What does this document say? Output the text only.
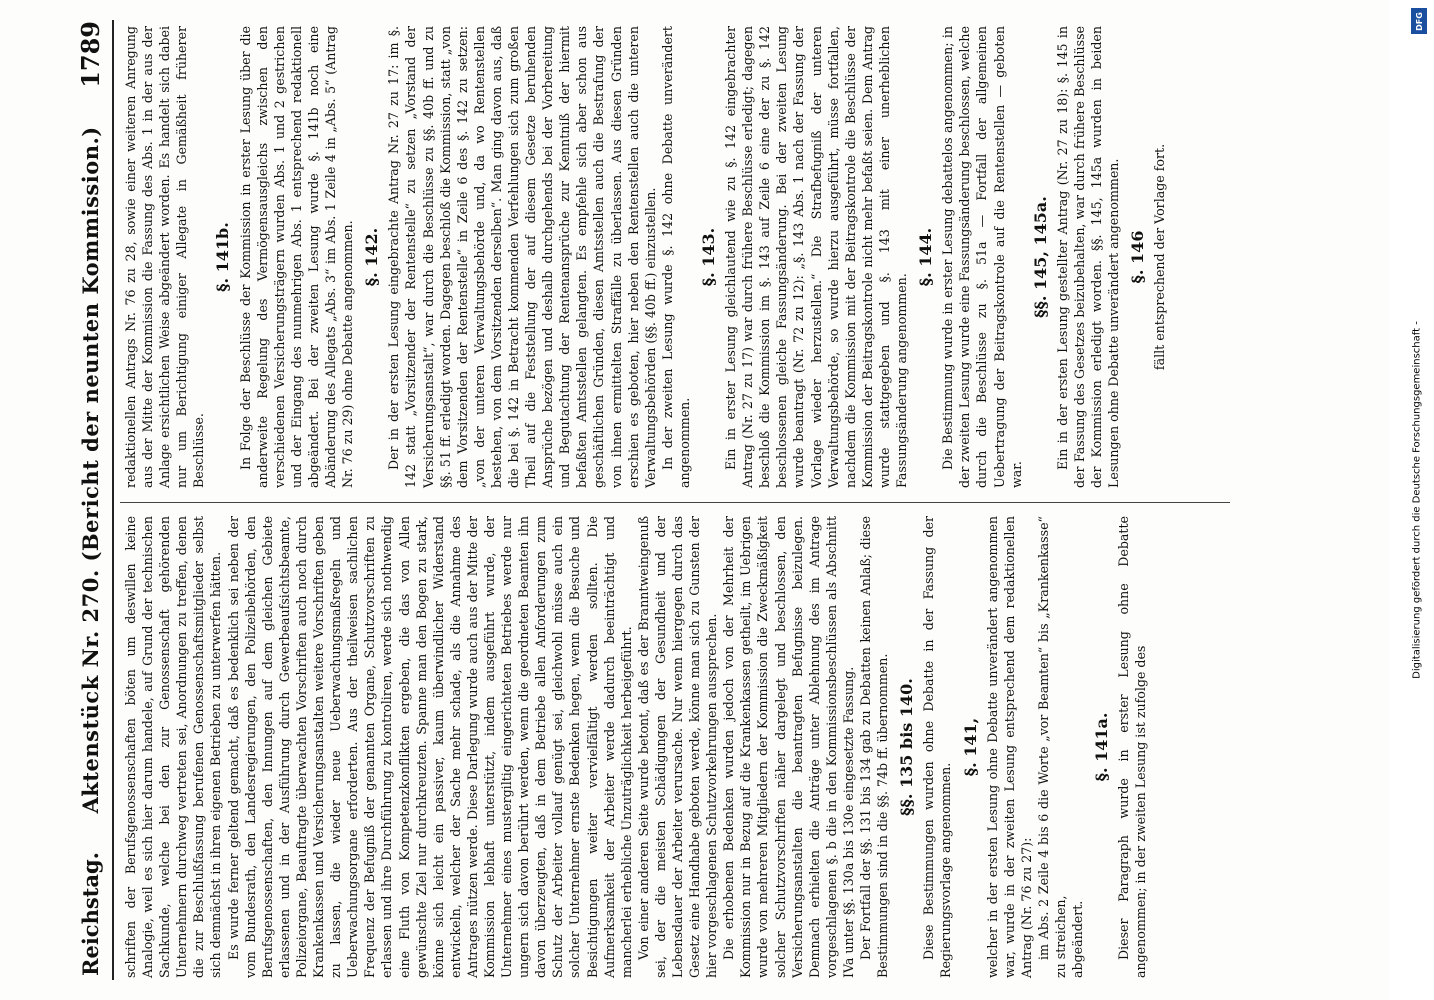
Reichstag.
Aktenstück Nr. 270. (Bericht der neunten Kommission.)
1789

schriften der Berufsgenossenschaften böten um deswillen keine Analogie, weil es sich hier darum handele, auf Grund der technischen Sachkunde, welche bei den zur Genossenschaft gehörenden Unternehmern durchweg vertreten sei, Anordnungen zu treffen, denen die zur Beschlußfassung berufenen Genossenschaftsmitglieder selbst sich demnächst in ihren eigenen Betrieben zu unterwerfen hätten. Es wurde ferner geltend gemacht, daß es bedenklich sei neben der vom Bundesrath, den Landesregierungen, den Polizeibehörden, den Berufsgenossenschaften, den Innungen auf dem gleichen Gebiete erlassenen und in der Ausführung durch Gewerbeaufsichtsbeamte, Polizeiorgane, Beauftragte überwachten Vorschriften auch noch durch Krankenkassen und Versicherungsanstalten weitere Vorschriften geben zu lassen, die wieder neue Ueberwachungsmaßregeln und Ueberwachungsorgane erforderten. Aus der theilweisen sachlichen Frequenz der Befugniß der genannten Organe, Schutzvorschriften zu erlassen und ihre Durchführung zu kontroliren, werde sich nothwendig eine Fluth von Kompetenzkonflikten ergeben, die das von Allen gewünschte Ziel nur durchkreuzten. Spanne man den Bogen zu stark, könne sich leicht ein passiver, kaum überwindlicher Widerstand entwickeln, welcher der Sache mehr schade, als die Annahme des Antrages nützen werde. Diese Darlegung wurde auch aus der Mitte der Kommission lebhaft unterstützt, indem ausgeführt wurde, der Unternehmer eines mustergiltig eingerichteten Betriebes werde nur ungern sich davon berührt werden, wenn die geordneten Beamten ihn davon überzeugten, daß in dem Betriebe allen Anforderungen zum Schutz der Arbeiter vollauf genügt sei, gleichwohl müsse auch ein solcher Unternehmer ernste Bedenken hegen, wenn die Besuche und Besichtigungen weiter vervielfältigt werden sollten. Die Aufmerksamkeit der Arbeiter werde dadurch beeinträchtigt und mancherlei erhebliche Unzuträglichkeit herbeigeführt. Von einer anderen Seite wurde betont, daß es der Branntweingenuß sei, der die meisten Schädigungen der Gesundheit und der Lebensdauer der Arbeiter verursache. Nur wenn hiergegen durch das Gesetz eine Handhabe geboten werde, könne man sich zu Gunsten der hier vorgeschlagenen Schutzvorkehrungen aussprechen. Die erhobenen Bedenken wurden jedoch von der Mehrheit der Kommission nur in Bezug auf die Krankenkassen getheilt, im Uebrigen wurde von mehreren Mitgliedern der Kommission die Zweckmäßigkeit solcher Schutzvorschriften näher dargelegt und beschlossen, den Versicherungsanstalten die beantragten Befugnisse beizulegen. Demnach erhielten die Anträge unter Ablehnung des im Antrage vorgeschlagenen §. b die in den Kommissionsbeschlüssen als Abschnitt IVa unter §§. 130a bis 130e eingesetzte Fassung. Der Fortfall der §§. 131 bis 134 gab zu Debatten keinen Anlaß; diese Bestimmungen sind in die §§. 74b ff. übernommen. §§. 135 bis 140. Diese Bestimmungen wurden ohne Debatte in der Fassung der Regierungsvorlage angenommen.

§. 141, welcher in der ersten Lesung ohne Debatte unverändert angenommen war, wurde in der zweiten Lesung entsprechend dem redaktionellen Antrag (Nr. 76 zu 27): im Abs. 2 Zeile 4 bis 6 die Worte „vor Beamten“ bis „Krankenkasse“ zu streichen, abgeändert.

§. 141a. Dieser Paragraph wurde in erster Lesung ohne Debatte angenommen; in der zweiten Lesung ist zufolge des

redaktionellen Antrags Nr. 76 zu 28, sowie einer weiteren Anregung aus der Mitte der Kommission die Fassung des Abs. 1 in der aus der Anlage ersichtlichen Weise abgeändert worden. Es handelt sich dabei nur um Berichtigung einiger Allegate in Gemäßheit früherer Beschlüsse.

§. 141b. In Folge der Beschlüsse der Kommission in erster Lesung über die anderweite Regelung des Vermögensausgleichs zwischen den verschiedenen Versicherungsträgern wurden Abs. 1 und 2 gestrichen und der Eingang des nunmehrigen Abs. 1 entsprechend redaktionell abgeändert. Bei der zweiten Lesung wurde §. 141b noch eine Abänderung des Allegats „Abs. 3“ im Abs. 1 Zeile 4 in „Abs. 5“ (Antrag Nr. 76 zu 29) ohne Debatte angenommen. §. 142. Der in der ersten Lesung eingebrachte Antrag Nr. 27 zu 17: im §. 142 statt „Vorsitzender der Rentenstelle“ zu setzen „Vorstand der Versicherungsanstalt“, war durch die Beschlüsse zu §§. 40b ff. und zu §§. 51 ff. erledigt worden. Dagegen beschloß die Kommission, statt „von dem Vorsitzenden der Rentenstelle“ in Zeile 6 des §. 142 zu setzen: „von der unteren Verwaltungsbehörde und, da wo Rentenstellen bestehen, von dem Vorsitzenden derselben“. Man ging davon aus, daß die bei §. 142 in Betracht kommenden Verfehlungen sich zum großen Theil auf die Feststellung der auf diesem Gesetze beruhenden Ansprüche bezögen und deshalb durchgehends bei der Vorbereitung und Begutachtung der Rentenansprüche zur Kenntniß der hiermit befaßten Amtsstellen gelangten. Es empfehle sich aber schon aus geschäftlichen Gründen, diesen Amtsstellen auch die Bestrafung der von ihnen ermittelten Straffälle zu überlassen. Aus diesen Gründen erschien es geboten, hier neben den Rentenstellen auch die unteren Verwaltungsbehörden (§§. 40b ff.) einzustellen. In der zweiten Lesung wurde §. 142 ohne Debatte unverändert angenommen.

§. 143. Ein in erster Lesung gleichlautend wie zu §. 142 eingebrachter Antrag (Nr. 27 zu 17) war durch frühere Beschlüsse erledigt; dagegen beschloß die Kommission im §. 143 auf Zeile 6 eine der zu §. 142 beschlossenen gleiche Fassungsänderung. Bei der zweiten Lesung wurde beantragt (Nr. 72 zu 12): „§. 143 Abs. 1 nach der Fassung der Vorlage wieder herzustellen.“ Die Strafbefugniß der unteren Verwaltungsbehörde, so wurde hierzu ausgeführt, müsse fortfallen, nachdem die Kommission mit der Beitragskontrole die Beschlüsse der Kommission der Beitragskontrole nicht mehr befaßt seien. Dem Antrag wurde stattgegeben und §. 143 mit einer unerheblichen Fassungsänderung angenommen.

§. 144. Die Bestimmung wurde in erster Lesung debattelos angenommen; in der zweiten Lesung wurde eine Fassungsänderung beschlossen, welche durch die Beschlüsse zu §. 51a — Fortfall der allgemeinen Uebertragung der Beitragskontrole auf die Rentenstellen — geboten war.

§§. 145, 145a. Ein in der ersten Lesung gestellter Antrag (Nr. 27 zu 18): §. 145 in der Fassung des Gesetzes beizubehalten, war durch frühere Beschlüsse der Kommission erledigt worden. §§. 145, 145a wurden in beiden Lesungen ohne Debatte unverändert angenommen. §. 146 fällt entsprechend der Vorlage fort.

DFG
Digitalisierung gefördert durch die Deutsche Forschungsgemeinschaft -
